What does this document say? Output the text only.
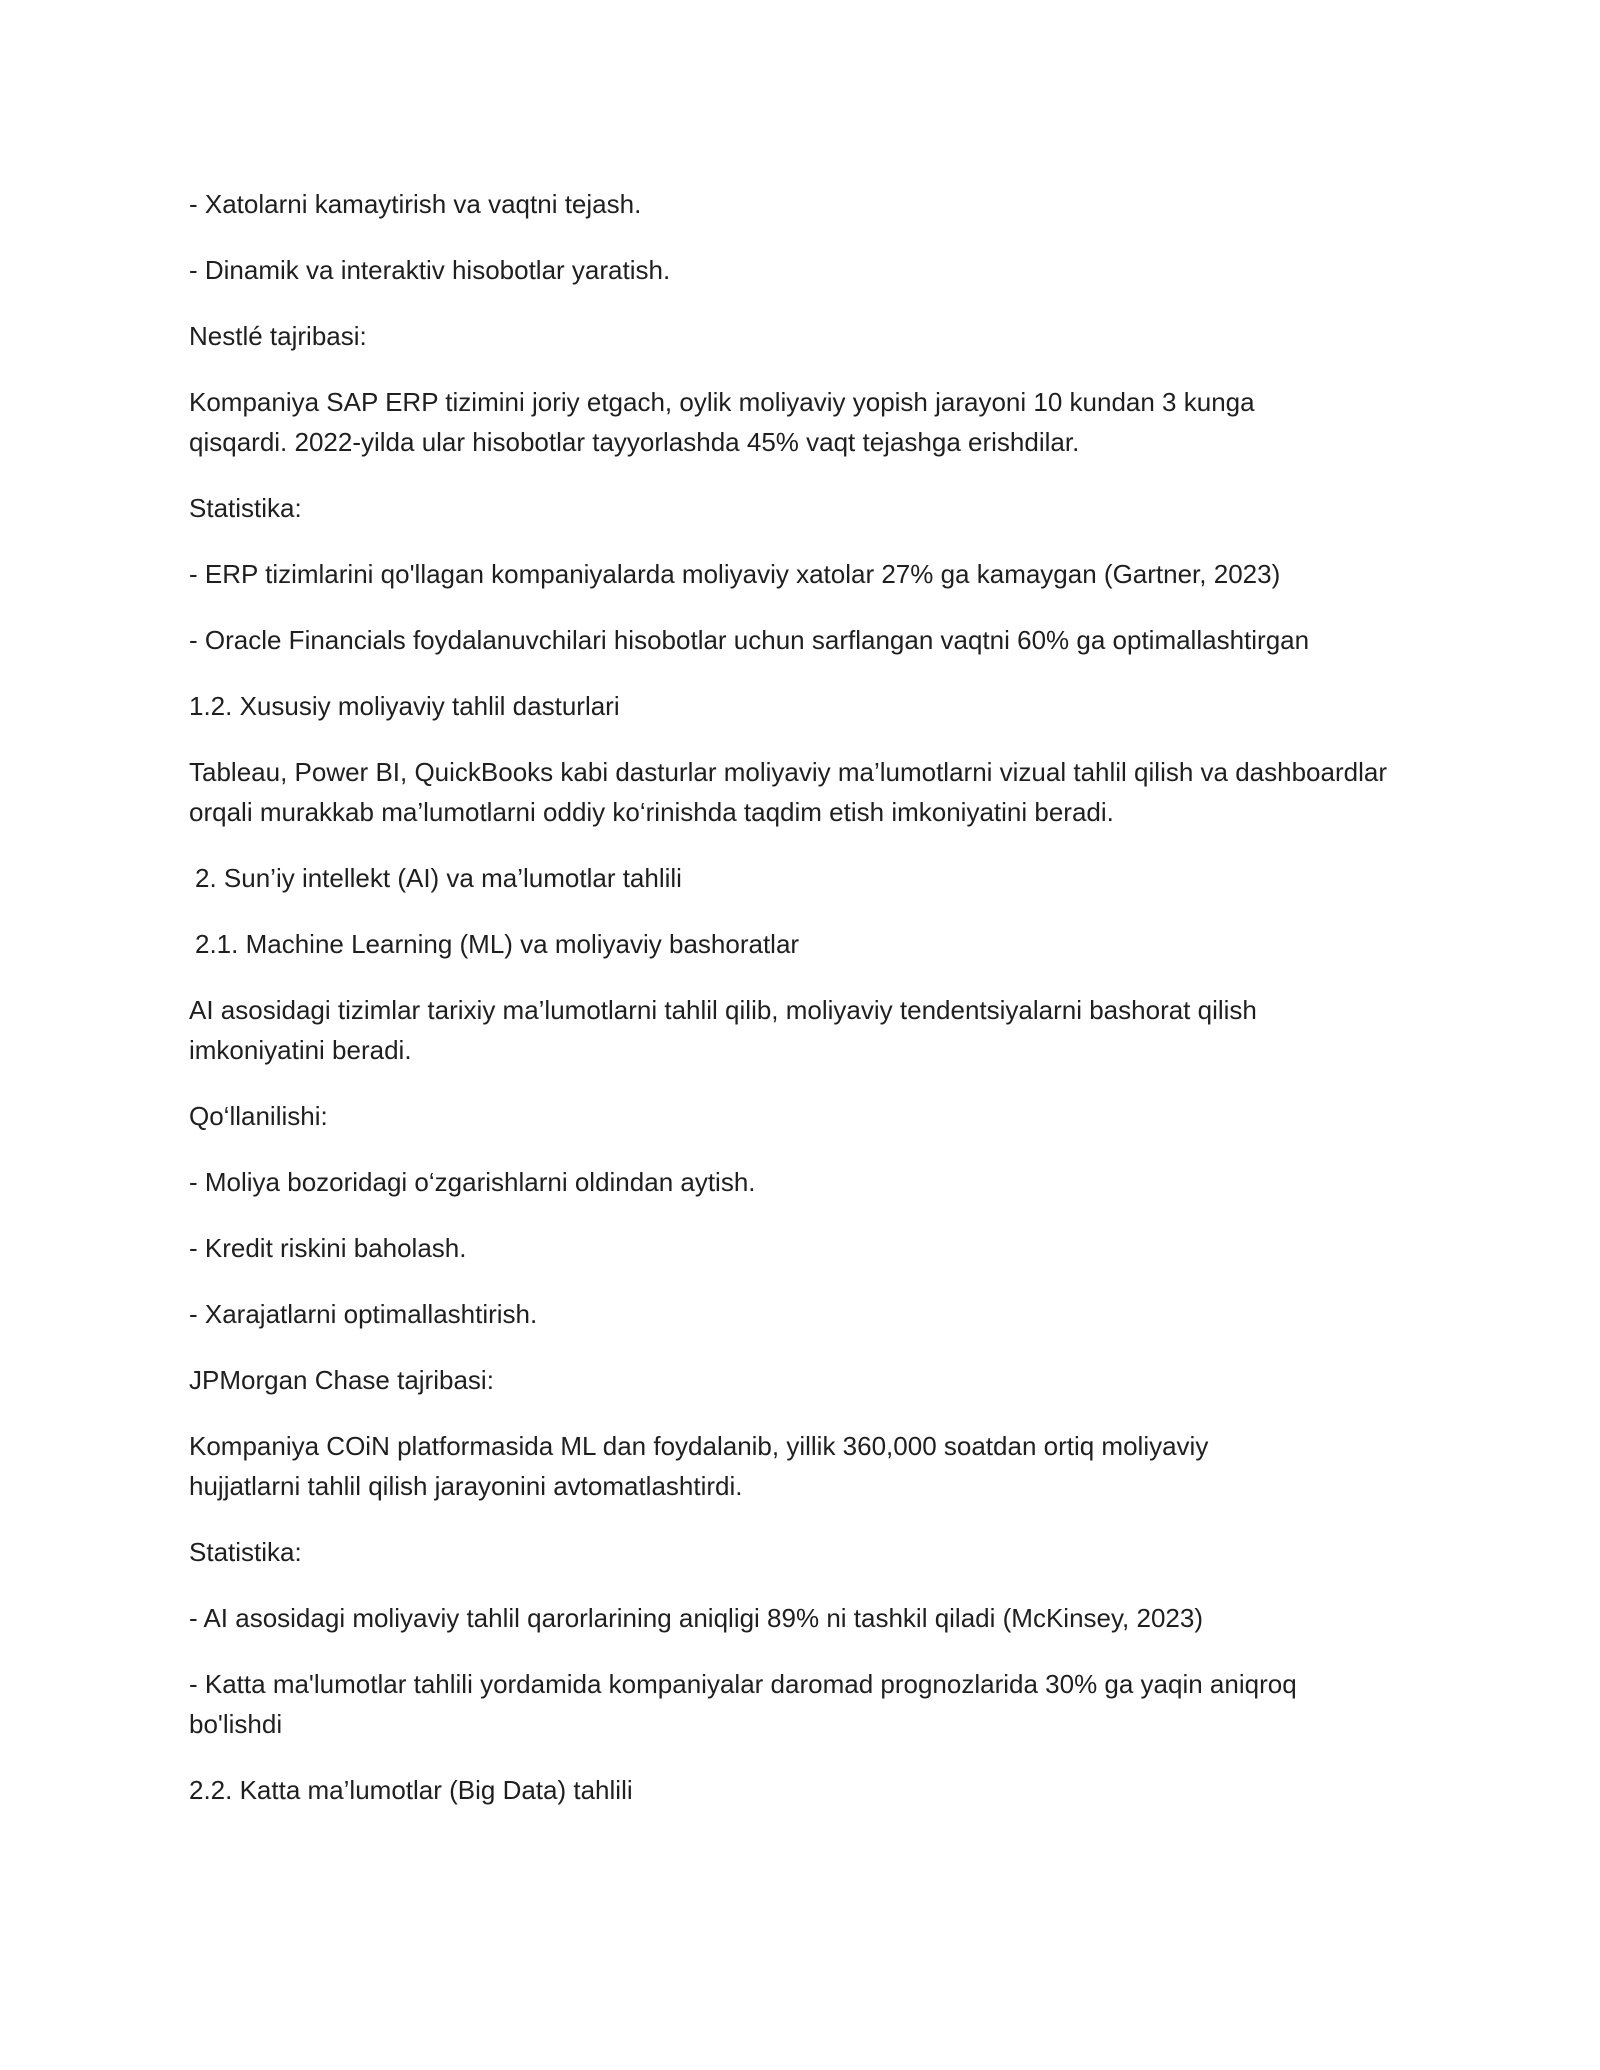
- Xatolarni kamaytirish va vaqtni tejash.

- Dinamik va interaktiv hisobotlar yaratish.

Nestlé tajribasi:

Kompaniya SAP ERP tizimini joriy etgach, oylik moliyaviy yopish jarayoni 10 kundan 3 kunga qisqardi. 2022-yilda ular hisobotlar tayyorlashda 45% vaqt tejashga erishdilar.

Statistika:

- ERP tizimlarini qo'llagan kompaniyalarda moliyaviy xatolar 27% ga kamaygan (Gartner, 2023)

- Oracle Financials foydalanuvchilari hisobotlar uchun sarflangan vaqtni 60% ga optimallashtirgan

1.2. Xususiy moliyaviy tahlil dasturlari

Tableau, Power BI, QuickBooks kabi dasturlar moliyaviy ma’lumotlarni vizual tahlil qilish va dashboardlar orqali murakkab ma’lumotlarni oddiy ko‘rinishda taqdim etish imkoniyatini beradi.

2. Sun’iy intellekt (AI) va ma’lumotlar tahlili

2.1. Machine Learning (ML) va moliyaviy bashoratlar

AI asosidagi tizimlar tarixiy ma’lumotlarni tahlil qilib, moliyaviy tendentsiyalarni bashorat qilish imkoniyatini beradi.

Qo‘llanilishi:

- Moliya bozoridagi o‘zgarishlarni oldindan aytish.

- Kredit riskini baholash.

- Xarajatlarni optimallashtirish.

JPMorgan Chase tajribasi:

Kompaniya COiN platformasida ML dan foydalanib, yillik 360,000 soatdan ortiq moliyaviy hujjatlarni tahlil qilish jarayonini avtomatlashtirdi.

Statistika:

- AI asosidagi moliyaviy tahlil qarorlarining aniqligi 89% ni tashkil qiladi (McKinsey, 2023)

- Katta ma'lumotlar tahlili yordamida kompaniyalar daromad prognozlarida 30% ga yaqin aniqroq bo'lishdi

2.2. Katta ma’lumotlar (Big Data) tahlili
